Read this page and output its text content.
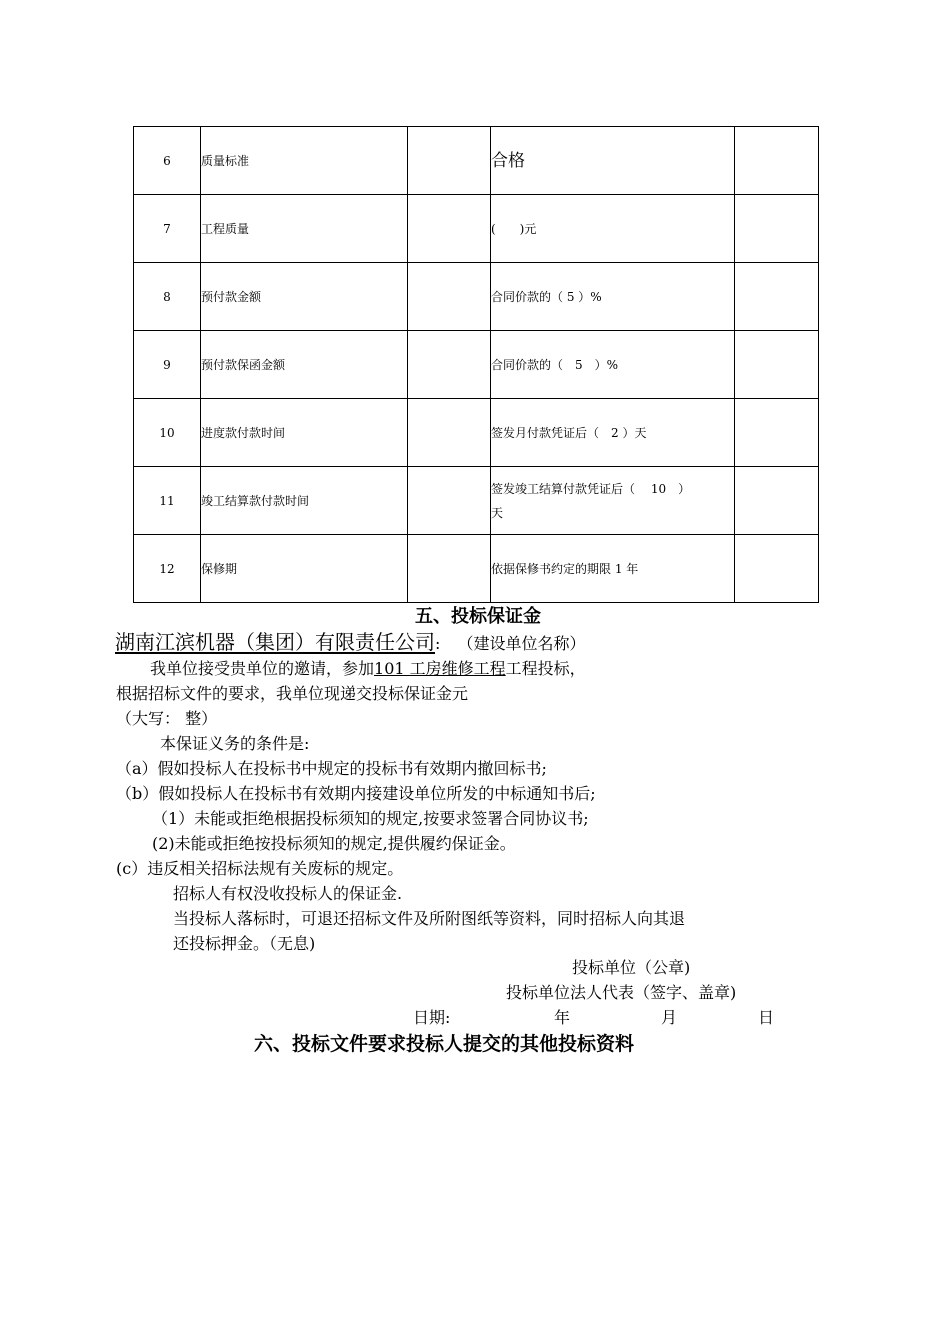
6	质量标准		合格	
7	工程质量		(　　)元	
8	预付款金额		合同价款的（ 5 ）%	
9	预付款保函金额		合同价款的（　5　）%	
10	进度款付款时间		签发月付款凭证后（　2 ）天	
11	竣工结算款付款时间		签发竣工结算付款凭证后（　 10　）
天	

12	保修期		依据保修书约定的期限 1 年	
五、投标保证金
湖南江滨机器（集团）有限责任公司: （建设单位名称）
我单位接受贵单位的邀请，参加101 工房维修工程工程投标，
根据招标文件的要求，我单位现递交投标保证金元
（大写： 整）
本保证义务的条件是:
（a）假如投标人在投标书中规定的投标书有效期内撤回标书;
（b）假如投标人在投标书有效期内接建设单位所发的中标通知书后;
（1）未能或拒绝根据投标须知的规定,按要求签署合同协议书;
(2)未能或拒绝按投标须知的规定,提供履约保证金。
(c）违反相关招标法规有关废标的规定。
招标人有权没收投标人的保证金.
当投标人落标时，可退还招标文件及所附图纸等资料，同时招标人向其退
还投标押金。（无息)
投标单位（公章)
投标单位法人代表（签字、盖章)
日期:	年	月	日
六、投标文件要求投标人提交的其他投标资料
